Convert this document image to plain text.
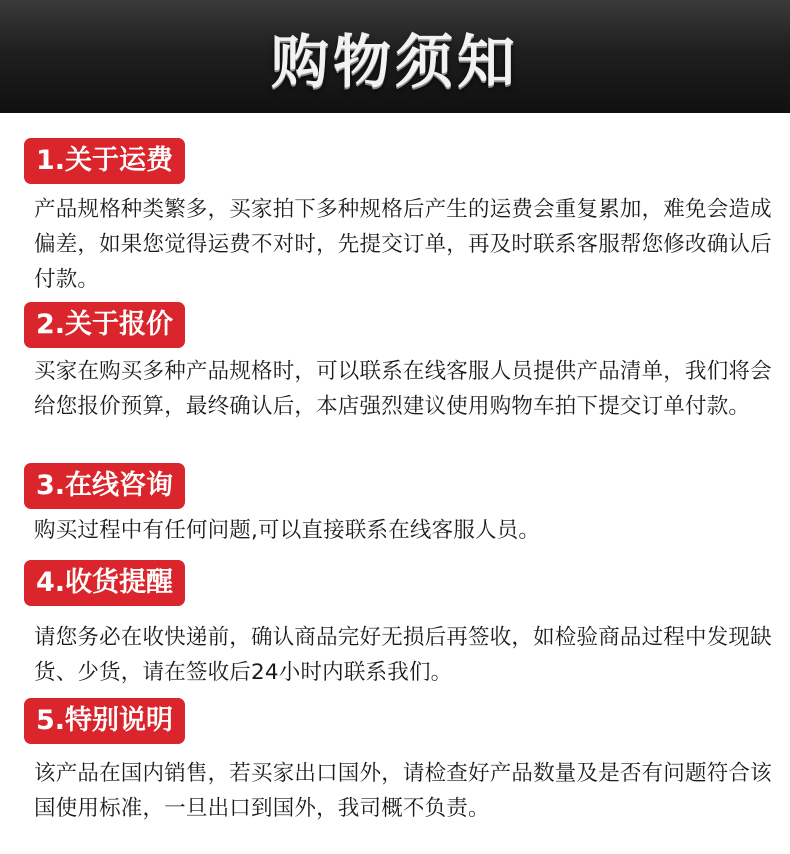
购物须知
1.关于运费
产品规格种类繁多，买家拍下多种规格后产生的运费会重复累加，难免会造成偏差，如果您觉得运费不对时，先提交订单，再及时联系客服帮您修改确认后付款。
2.关于报价
买家在购买多种产品规格时，可以联系在线客服人员提供产品清单，我们将会给您报价预算，最终确认后，本店强烈建议使用购物车拍下提交订单付款。
3.在线咨询
购买过程中有任何问题,可以直接联系在线客服人员。
4.收货提醒
请您务必在收快递前，确认商品完好无损后再签收，如检验商品过程中发现缺货、少货，请在签收后24小时内联系我们。
5.特别说明
该产品在国内销售，若买家出口国外，请检查好产品数量及是否有问题符合该国使用标准，一旦出口到国外，我司概不负责。
